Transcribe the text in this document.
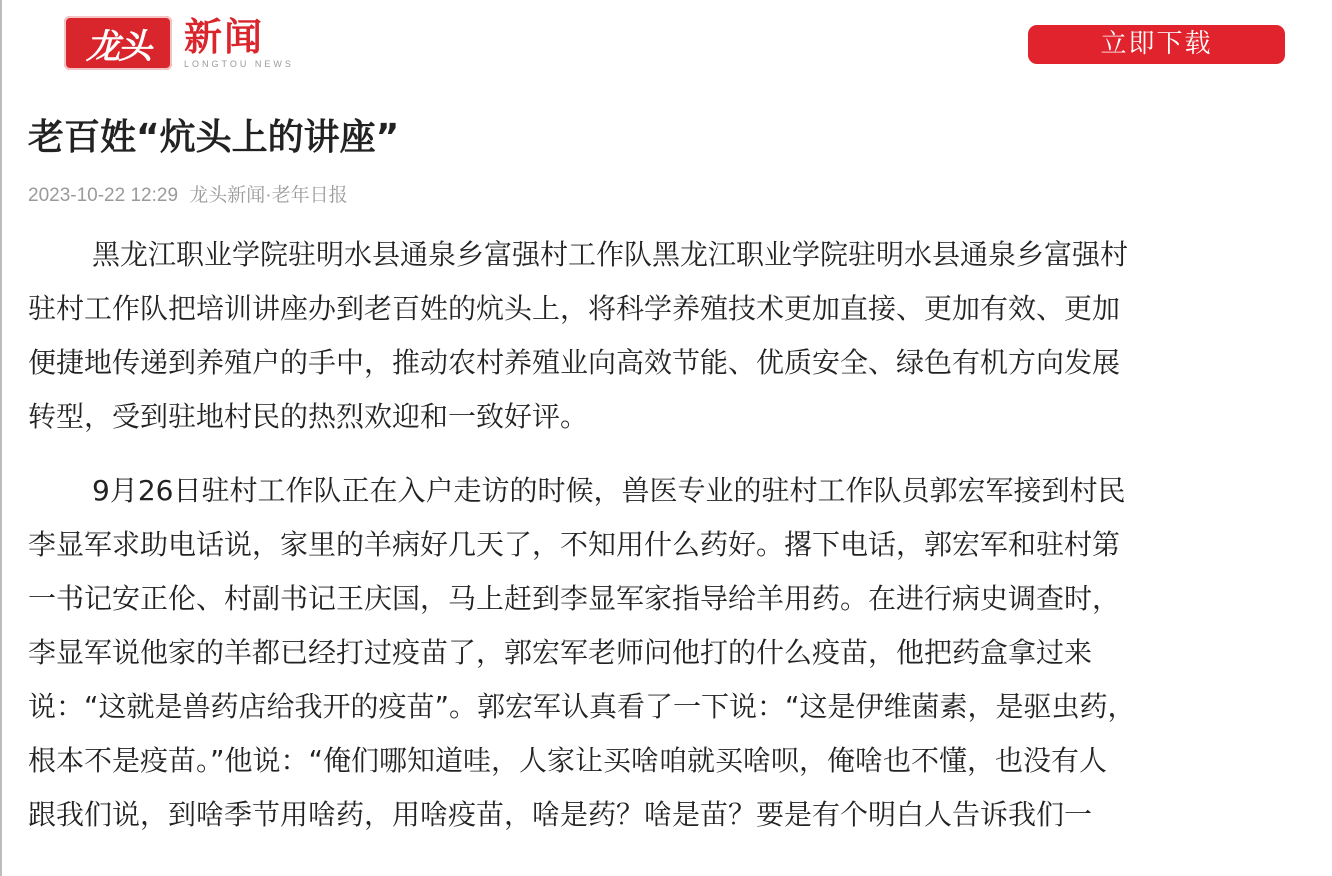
龙头 新闻
LONGTOU NEWS
立即下载
老百姓“炕头上的讲座”
2023-10-22 12:29 龙头新闻·老年日报

黑龙江职业学院驻明水县通泉乡富强村工作队黑龙江职业学院驻明水县通泉乡富强村
驻村工作队把培训讲座办到老百姓的炕头上，将科学养殖技术更加直接、更加有效、更加
便捷地传递到养殖户的手中，推动农村养殖业向高效节能、优质安全、绿色有机方向发展
转型，受到驻地村民的热烈欢迎和一致好评。

9月26日驻村工作队正在入户走访的时候，兽医专业的驻村工作队员郭宏军接到村民
李显军求助电话说，家里的羊病好几天了，不知用什么药好。撂下电话，郭宏军和驻村第
一书记安正伦、村副书记王庆国，马上赶到李显军家指导给羊用药。在进行病史调查时，
李显军说他家的羊都已经打过疫苗了，郭宏军老师问他打的什么疫苗，他把药盒拿过来
说：“这就是兽药店给我开的疫苗”。郭宏军认真看了一下说：“这是伊维菌素，是驱虫药，
根本不是疫苗。”他说：“俺们哪知道哇，人家让买啥咱就买啥呗，俺啥也不懂，也没有人
跟我们说，到啥季节用啥药，用啥疫苗，啥是药？啥是苗？要是有个明白人告诉我们一
